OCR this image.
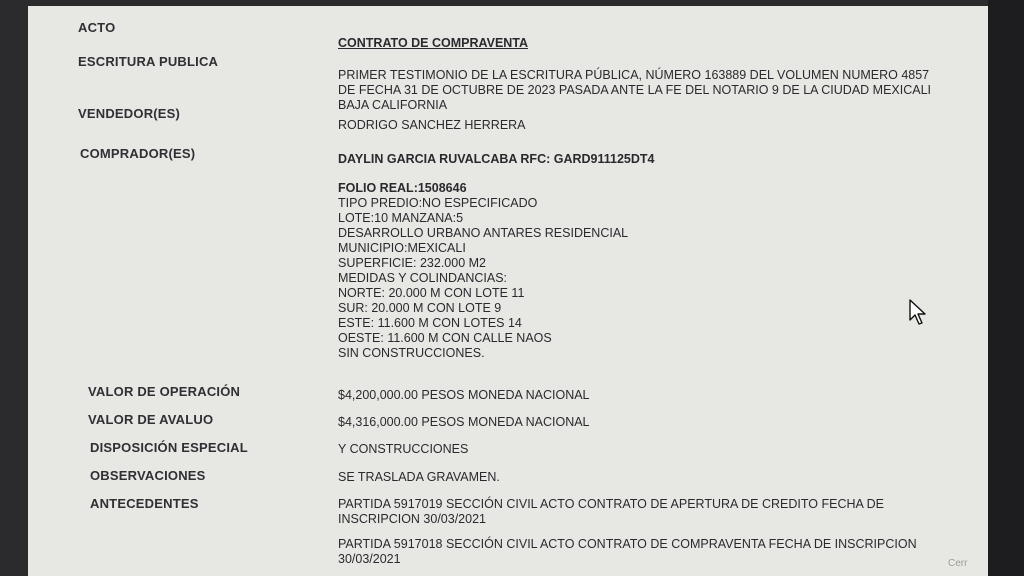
ACTO
CONTRATO DE COMPRAVENTA
ESCRITURA PUBLICA
PRIMER TESTIMONIO DE LA ESCRITURA PÚBLICA, NÚMERO 163889 DEL VOLUMEN NUMERO 4857 DE FECHA 31 DE OCTUBRE DE 2023 PASADA ANTE LA FE DEL NOTARIO 9 DE LA CIUDAD MEXICALI BAJA CALIFORNIA
VENDEDOR(ES)
RODRIGO SANCHEZ HERRERA
COMPRADOR(ES)	DAYLIN GARCIA RUVALCABA RFC: GARD911125DT4
FOLIO REAL:1508646
TIPO PREDIO:NO ESPECIFICADO
LOTE:10 MANZANA:5
DESARROLLO URBANO ANTARES RESIDENCIAL
MUNICIPIO:MEXICALI
SUPERFICIE: 232.000 M2
MEDIDAS Y COLINDANCIAS:
NORTE: 20.000 M CON LOTE 11
SUR: 20.000 M CON LOTE 9
ESTE: 11.600 M CON LOTES 14
OESTE: 11.600 M CON CALLE NAOS
SIN CONSTRUCCIONES.
VALOR DE OPERACIÓN	$4,200,000.00 PESOS MONEDA NACIONAL
VALOR DE AVALUO	$4,316,000.00 PESOS MONEDA NACIONAL
DISPOSICIÓN ESPECIAL	Y CONSTRUCCIONES
OBSERVACIONES	SE TRASLADA GRAVAMEN.
ANTECEDENTES	PARTIDA 5917019 SECCIÓN CIVIL ACTO CONTRATO DE APERTURA DE CREDITO FECHA DE INSCRIPCION 30/03/2021
PARTIDA 5917018 SECCIÓN CIVIL ACTO CONTRATO DE COMPRAVENTA FECHA DE INSCRIPCION 30/03/2021	Cerr
